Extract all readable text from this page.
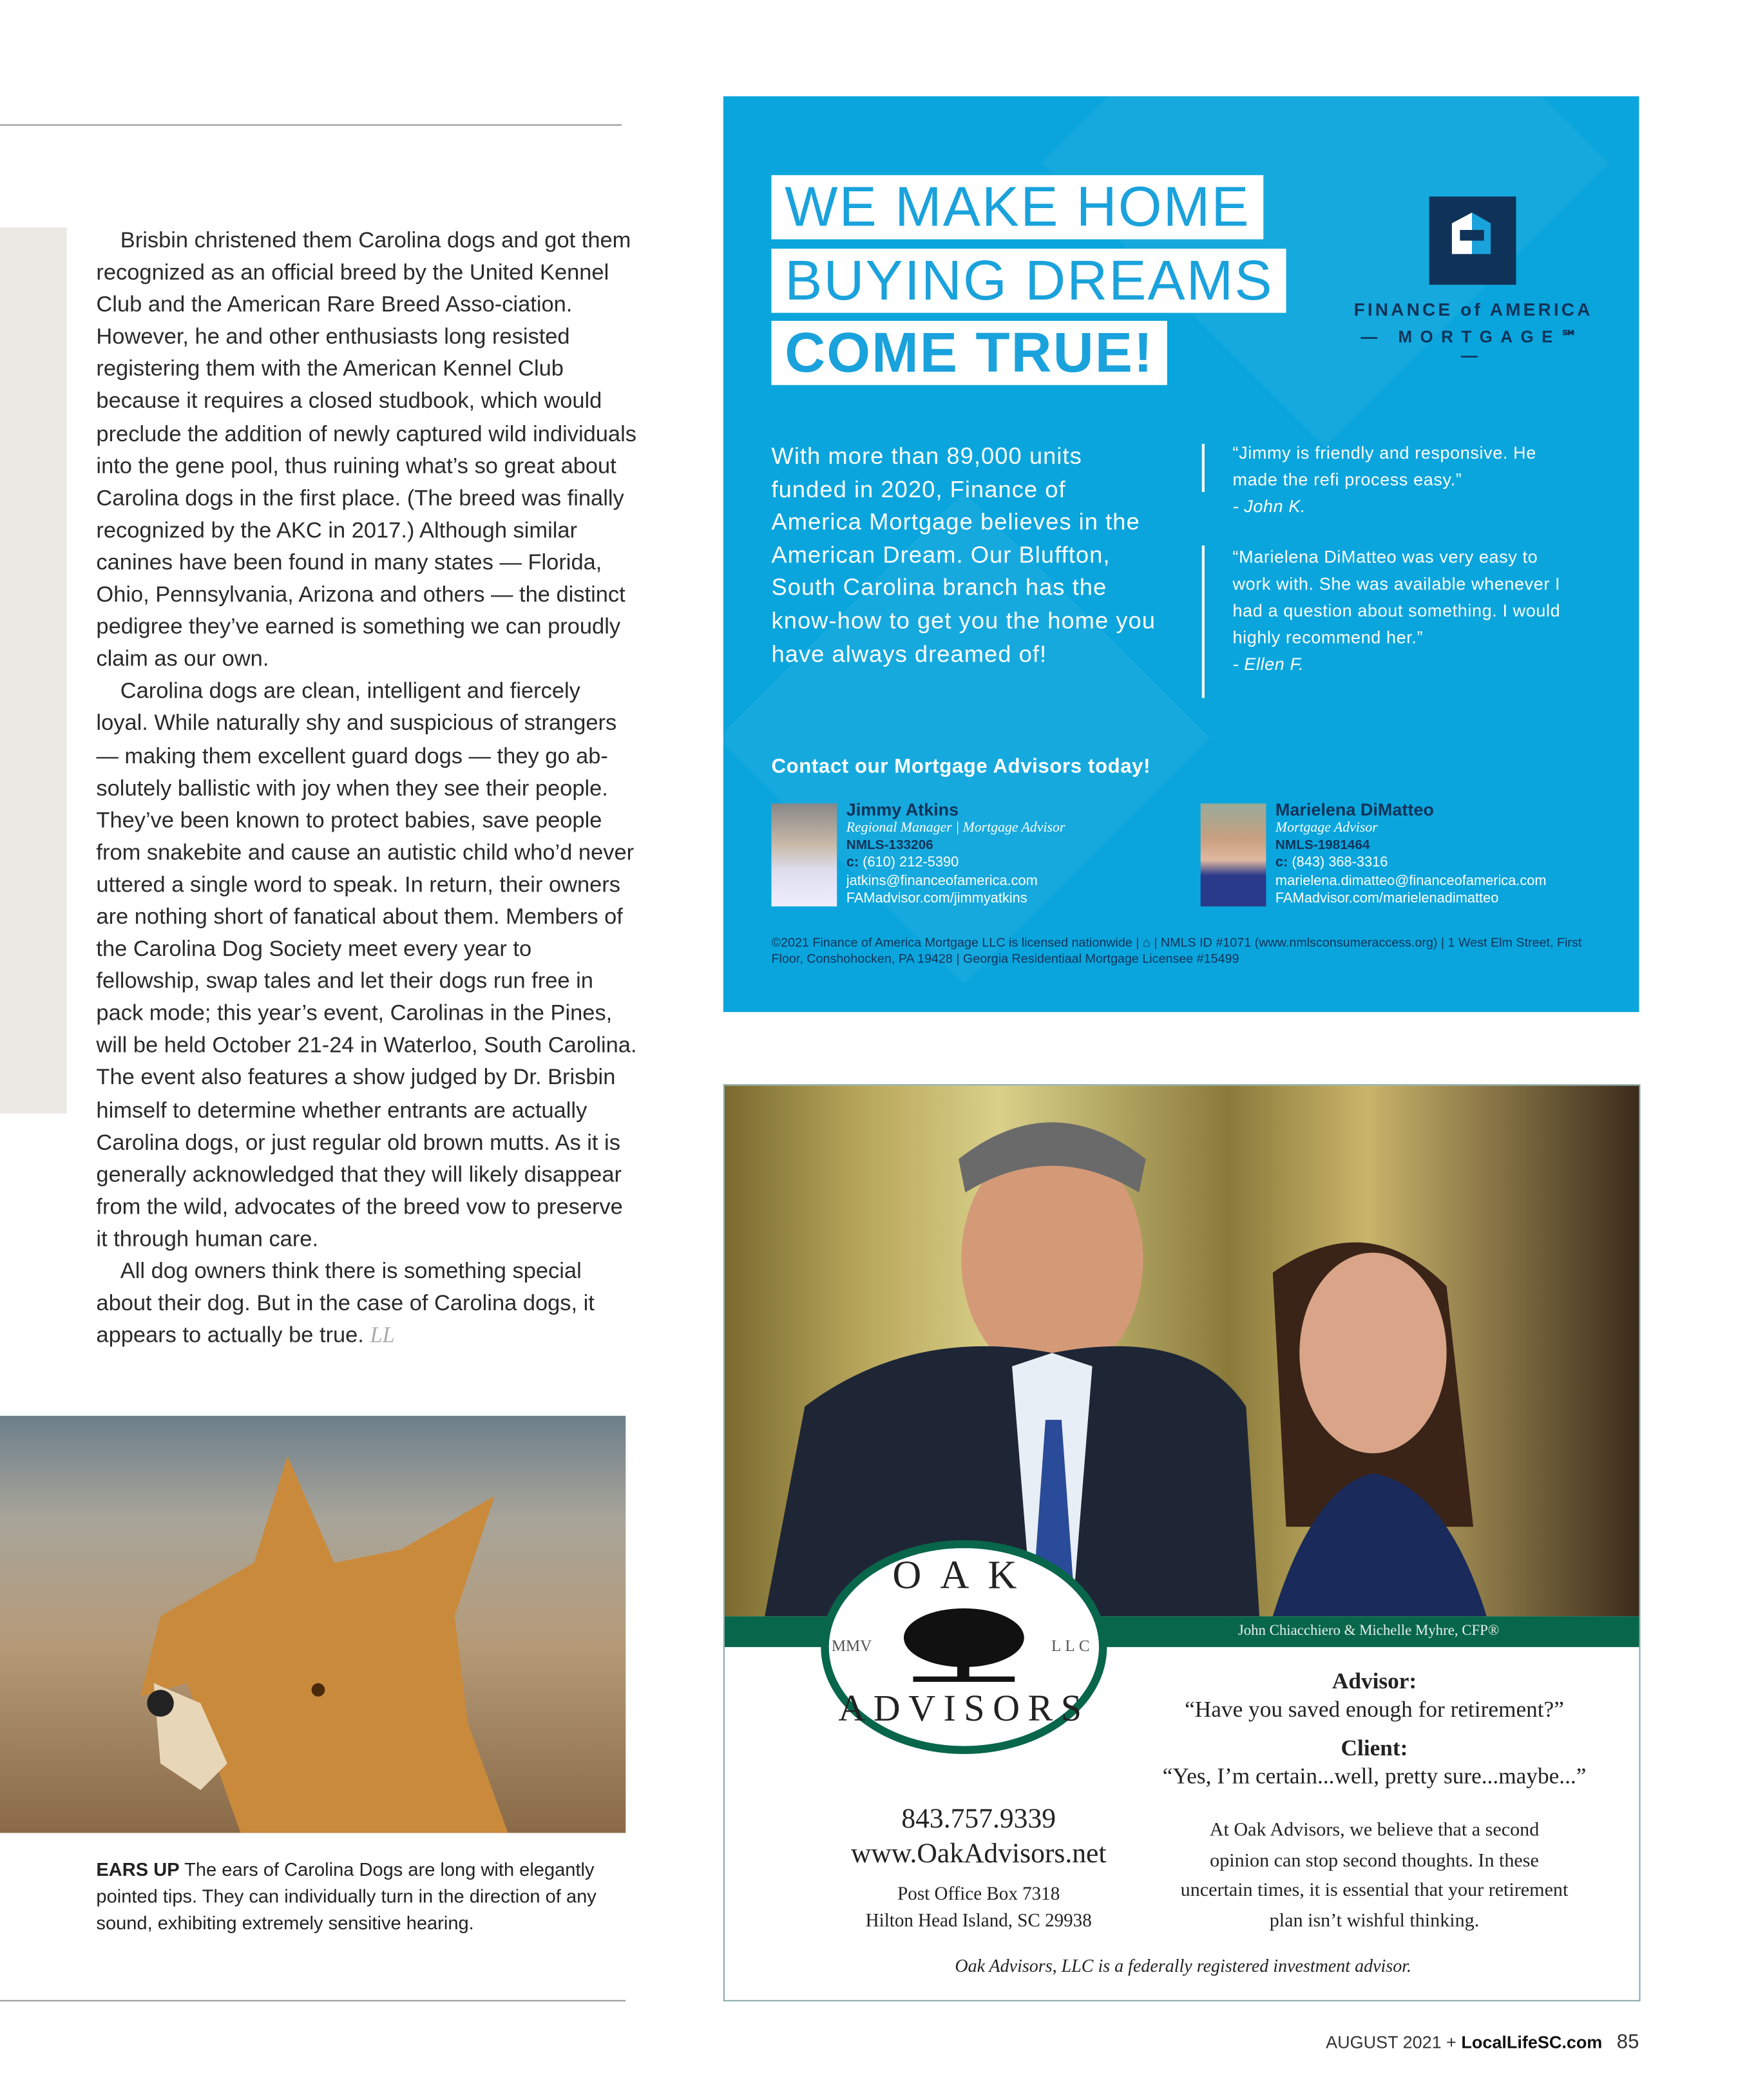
Brisbin christened them Carolina dogs and got them recognized as an official breed by the United Kennel Club and the American Rare Breed Asso-ciation. However, he and other enthusiasts long resisted registering them with the American Kennel Club because it requires a closed studbook, which would preclude the addition of newly captured wild individuals into the gene pool, thus ruining what’s so great about Carolina dogs in the first place. (The breed was finally recognized by the AKC in 2017.) Although similar canines have been found in many states — Florida, Ohio, Pennsylvania, Arizona and others — the distinct pedigree they’ve earned is something we can proudly claim as our own.

Carolina dogs are clean, intelligent and fiercely loyal. While naturally shy and suspicious of strangers — making them excellent guard dogs — they go ab-solutely ballistic with joy when they see their people. They’ve been known to protect babies, save people from snakebite and cause an autistic child who’d never uttered a single word to speak. In return, their owners are nothing short of fanatical about them. Members of the Carolina Dog Society meet every year to fellowship, swap tales and let their dogs run free in pack mode; this year’s event, Carolinas in the Pines, will be held October 21-24 in Waterloo, South Carolina. The event also features a show judged by Dr. Brisbin himself to determine whether entrants are actually Carolina dogs, or just regular old brown mutts. As it is generally acknowledged that they will likely disappear from the wild, advocates of the breed vow to preserve it through human care.

All dog owners think there is something special about their dog. But in the case of Carolina dogs, it appears to actually be true. LL

EARS UP The ears of Carolina Dogs are long with elegantly pointed tips. They can individually turn in the direction of any sound, exhibiting extremely sensitive hearing.
WE MAKE HOME
BUYING DREAMS
COME TRUE!
FINANCE of AMERICA
— MORTGAGE℠ —
With more than 89,000 units funded in 2020, Finance of America Mortgage believes in the American Dream. Our Bluffton, South Carolina branch has the know-how to get you the home you have always dreamed of!
“Jimmy is friendly and responsive. He made the refi process easy.”
- John K.
“Marielena DiMatteo was very easy to work with. She was available whenever I had a question about something. I would highly recommend her.”
- Ellen F.
Contact our Mortgage Advisors today!
Jimmy Atkins
Regional Manager | Mortgage Advisor
NMLS-133206
c: (610) 212-5390
jatkins@financeofamerica.com
FAMadvisor.com/jimmyatkins
Marielena DiMatteo
Mortgage Advisor
NMLS-1981464
c: (843) 368-3316
marielena.dimatteo@financeofamerica.com
FAMadvisor.com/marielenadimatteo
©2021 Finance of America Mortgage LLC is licensed nationwide | ⌂ | NMLS ID #1071 (www.nmlsconsumeraccess.org) | 1 West Elm Street, First Floor, Conshohocken, PA 19428 | Georgia Residentiaal Mortgage Licensee #15499
John Chiacchiero & Michelle Myhre, CFP®
OAK
ADVISORS
MMV	LLC
843.757.9339
www.OakAdvisors.net
Post Office Box 7318
Hilton Head Island, SC 29938
Advisor:
“Have you saved enough for retirement?”
Client:
“Yes, I’m certain...well, pretty sure...maybe...”
At Oak Advisors, we believe that a second opinion can stop second thoughts. In these uncertain times, it is essential that your retirement plan isn’t wishful thinking.
Oak Advisors, LLC is a federally registered investment advisor.
AUGUST 2021 + LocalLifeSC.com 85
